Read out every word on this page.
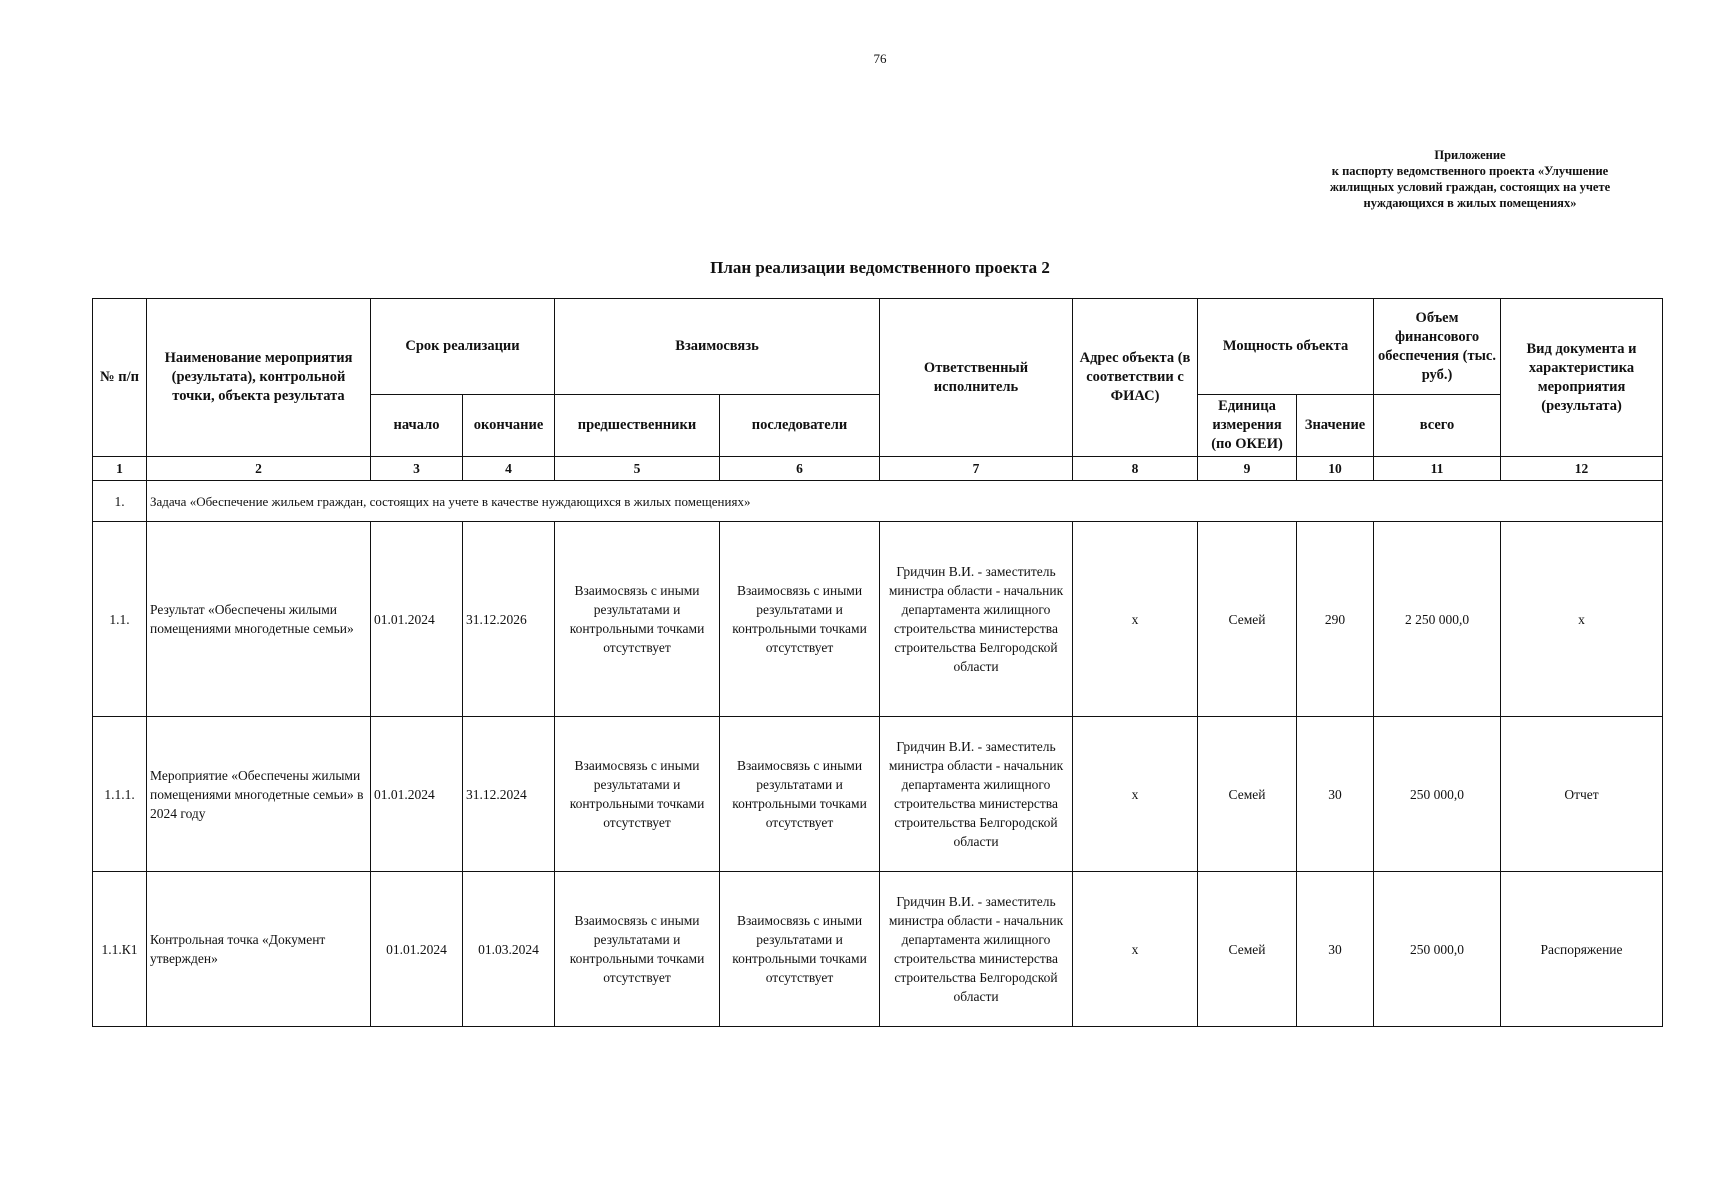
76
Приложение
к паспорту ведомственного проекта «Улучшение жилищных условий граждан, состоящих на учете нуждающихся в жилых помещениях»
План реализации ведомственного проекта 2
№ п/п	Наименование мероприятия (результата), контрольной точки, объекта результата	Срок реализации		Взаимосвязь		Ответственный исполнитель	Адрес объекта (в соответствии с ФИАС)	Мощность объекта		Объем финансового обеспечения (тыс. руб.)	Вид документа и характеристика мероприятия (результата)
		начало	окончание	предшественники	последователи			Единица измерения (по ОКЕИ)	Значение	всего	
1	2	3	4	5	6	7	8	9	10	11	12
1.	Задача «Обеспечение жильем граждан, состоящих на учете в качестве нуждающихся в жилых помещениях»										
1.1.	Результат «Обеспечены жилыми помещениями многодетные семьи»	01.01.2024	31.12.2026	Взаимосвязь с иными результатами и контрольными точками отсутствует	Взаимосвязь с иными результатами и контрольными точками отсутствует	Гридчин В.И. - заместитель министра области - начальник департамента жилищного строительства министерства строительства Белгородской области	х	Семей	290	2 250 000,0	х
1.1.1.	Мероприятие «Обеспечены жилыми помещениями многодетные семьи» в 2024 году	01.01.2024	31.12.2024	Взаимосвязь с иными результатами и контрольными точками отсутствует	Взаимосвязь с иными результатами и контрольными точками отсутствует	Гридчин В.И. - заместитель министра области - начальник департамента жилищного строительства министерства строительства Белгородской области	х	Семей	30	250 000,0	Отчет
1.1.К1	Контрольная точка «Документ утвержден»	01.01.2024	01.03.2024	Взаимосвязь с иными результатами и контрольными точками отсутствует	Взаимосвязь с иными результатами и контрольными точками отсутствует	Гридчин В.И. - заместитель министра области - начальник департамента жилищного строительства министерства строительства Белгородской области	х	Семей	30	250 000,0	Распоряжение
